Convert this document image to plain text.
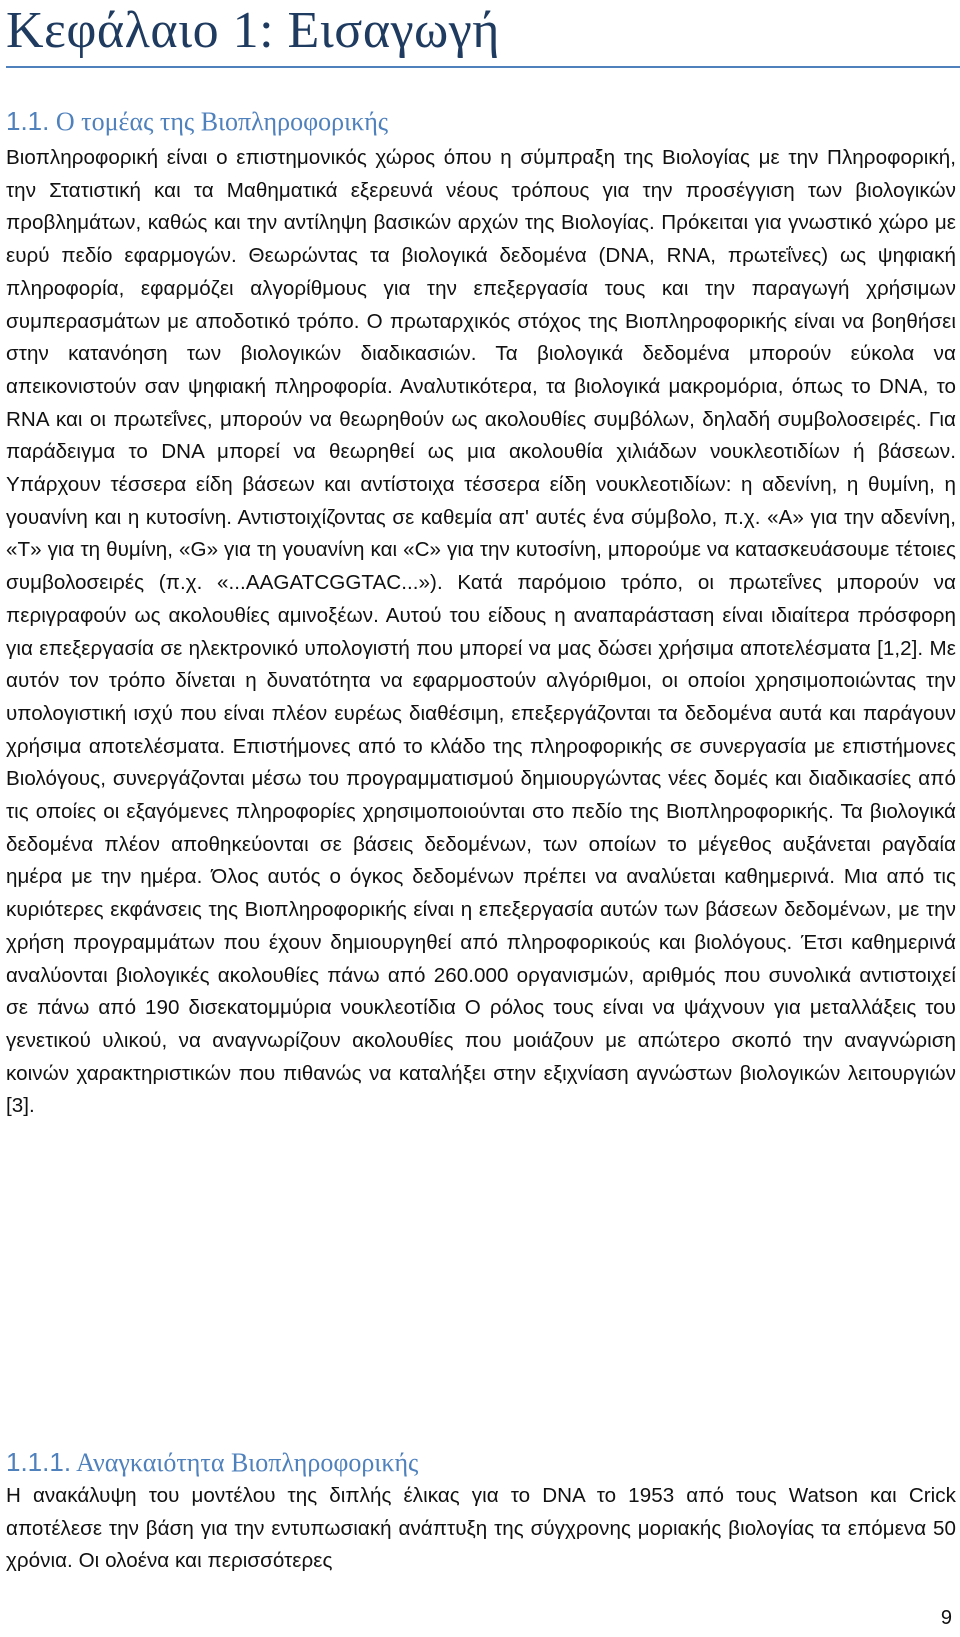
Κεφάλαιο 1: Εισαγωγή
1.1. Ο τομέας της Βιοπληροφορικής

Βιοπληροφορική είναι ο επιστημονικός χώρος όπου η σύμπραξη της Βιολογίας με την Πληροφορική, την Στατιστική και τα Μαθηματικά εξερευνά νέους τρόπους για την προσέγγιση των βιολογικών προβλημάτων, καθώς και την αντίληψη βασικών αρχών της Βιολογίας. Πρόκειται για γνωστικό χώρο με ευρύ πεδίο εφαρμογών. Θεωρώντας τα βιολογικά δεδομένα (DNA, RNA, πρωτεΐνες) ως ψηφιακή πληροφορία, εφαρμόζει αλγορίθμους για την επεξεργασία τους και την παραγωγή χρήσιμων συμπερασμάτων με αποδοτικό τρόπο. Ο πρωταρχικός στόχος της Βιοπληροφορικής είναι να βοηθήσει στην κατανόηση των βιολογικών διαδικασιών. Τα βιολογικά δεδομένα μπορούν εύκολα να απεικονιστούν σαν ψηφιακή πληροφορία. Αναλυτικότερα, τα βιολογικά μακρομόρια, όπως το DNA, το RNA και οι πρωτεΐνες, μπορούν να θεωρηθούν ως ακολουθίες συμβόλων, δηλαδή συμβολοσειρές. Για παράδειγμα το DNA μπορεί να θεωρηθεί ως μια ακολουθία χιλιάδων νουκλεοτιδίων ή βάσεων. Υπάρχουν τέσσερα είδη βάσεων και αντίστοιχα τέσσερα είδη νουκλεοτιδίων: η αδενίνη, η θυμίνη, η γουανίνη και η κυτοσίνη. Αντιστοιχίζοντας σε καθεμία απ' αυτές ένα σύμβολο, π.χ. «A» για την αδενίνη, «T» για τη θυμίνη, «G» για τη γουανίνη και «C» για την κυτοσίνη, μπορούμε να κατασκευάσουμε τέτοιες συμβολοσειρές (π.χ. «...AAGATCGGTAC...»). Κατά παρόμοιο τρόπο, οι πρωτεΐνες μπορούν να περιγραφούν ως ακολουθίες αμινοξέων. Αυτού του είδους η αναπαράσταση είναι ιδιαίτερα πρόσφορη για επεξεργασία σε ηλεκτρονικό υπολογιστή που μπορεί να μας δώσει χρήσιμα αποτελέσματα [1,2]. Με αυτόν τον τρόπο δίνεται η δυνατότητα να εφαρμοστούν αλγόριθμοι, οι οποίοι χρησιμοποιώντας την υπολογιστική ισχύ που είναι πλέον ευρέως διαθέσιμη, επεξεργάζονται τα δεδομένα αυτά και παράγουν χρήσιμα αποτελέσματα. Επιστήμονες από το κλάδο της πληροφορικής σε συνεργασία με επιστήμονες Βιολόγους, συνεργάζονται μέσω του προγραμματισμού δημιουργώντας νέες δομές και διαδικασίες από τις οποίες οι εξαγόμενες πληροφορίες χρησιμοποιούνται στο πεδίο της Βιοπληροφορικής. Τα βιολογικά δεδομένα πλέον αποθηκεύονται σε βάσεις δεδομένων, των οποίων το μέγεθος αυξάνεται ραγδαία ημέρα με την ημέρα. Όλος αυτός ο όγκος δεδομένων πρέπει να αναλύεται καθημερινά. Μια από τις κυριότερες εκφάνσεις της Βιοπληροφορικής είναι η επεξεργασία αυτών των βάσεων δεδομένων, με την χρήση προγραμμάτων που έχουν δημιουργηθεί από πληροφορικούς και βιολόγους. Έτσι καθημερινά αναλύονται βιολογικές ακολουθίες πάνω από 260.000 οργανισμών, αριθμός που συνολικά αντιστοιχεί σε πάνω από 190 δισεκατομμύρια νουκλεοτίδια Ο ρόλος τους είναι να ψάχνουν για μεταλλάξεις του γενετικού υλικού, να αναγνωρίζουν ακολουθίες που μοιάζουν με απώτερο σκοπό την αναγνώριση κοινών χαρακτηριστικών που πιθανώς να καταλήξει στην εξιχνίαση αγνώστων βιολογικών λειτουργιών [3].

1.1.1. Αναγκαιότητα Βιοπληροφορικής

Η ανακάλυψη του μοντέλου της διπλής έλικας για το DNA το 1953 από τους Watson και Crick αποτέλεσε την βάση για την εντυπωσιακή ανάπτυξη της σύγχρονης μοριακής βιολογίας τα επόμενα 50 χρόνια. Οι ολοένα και περισσότερες

9
